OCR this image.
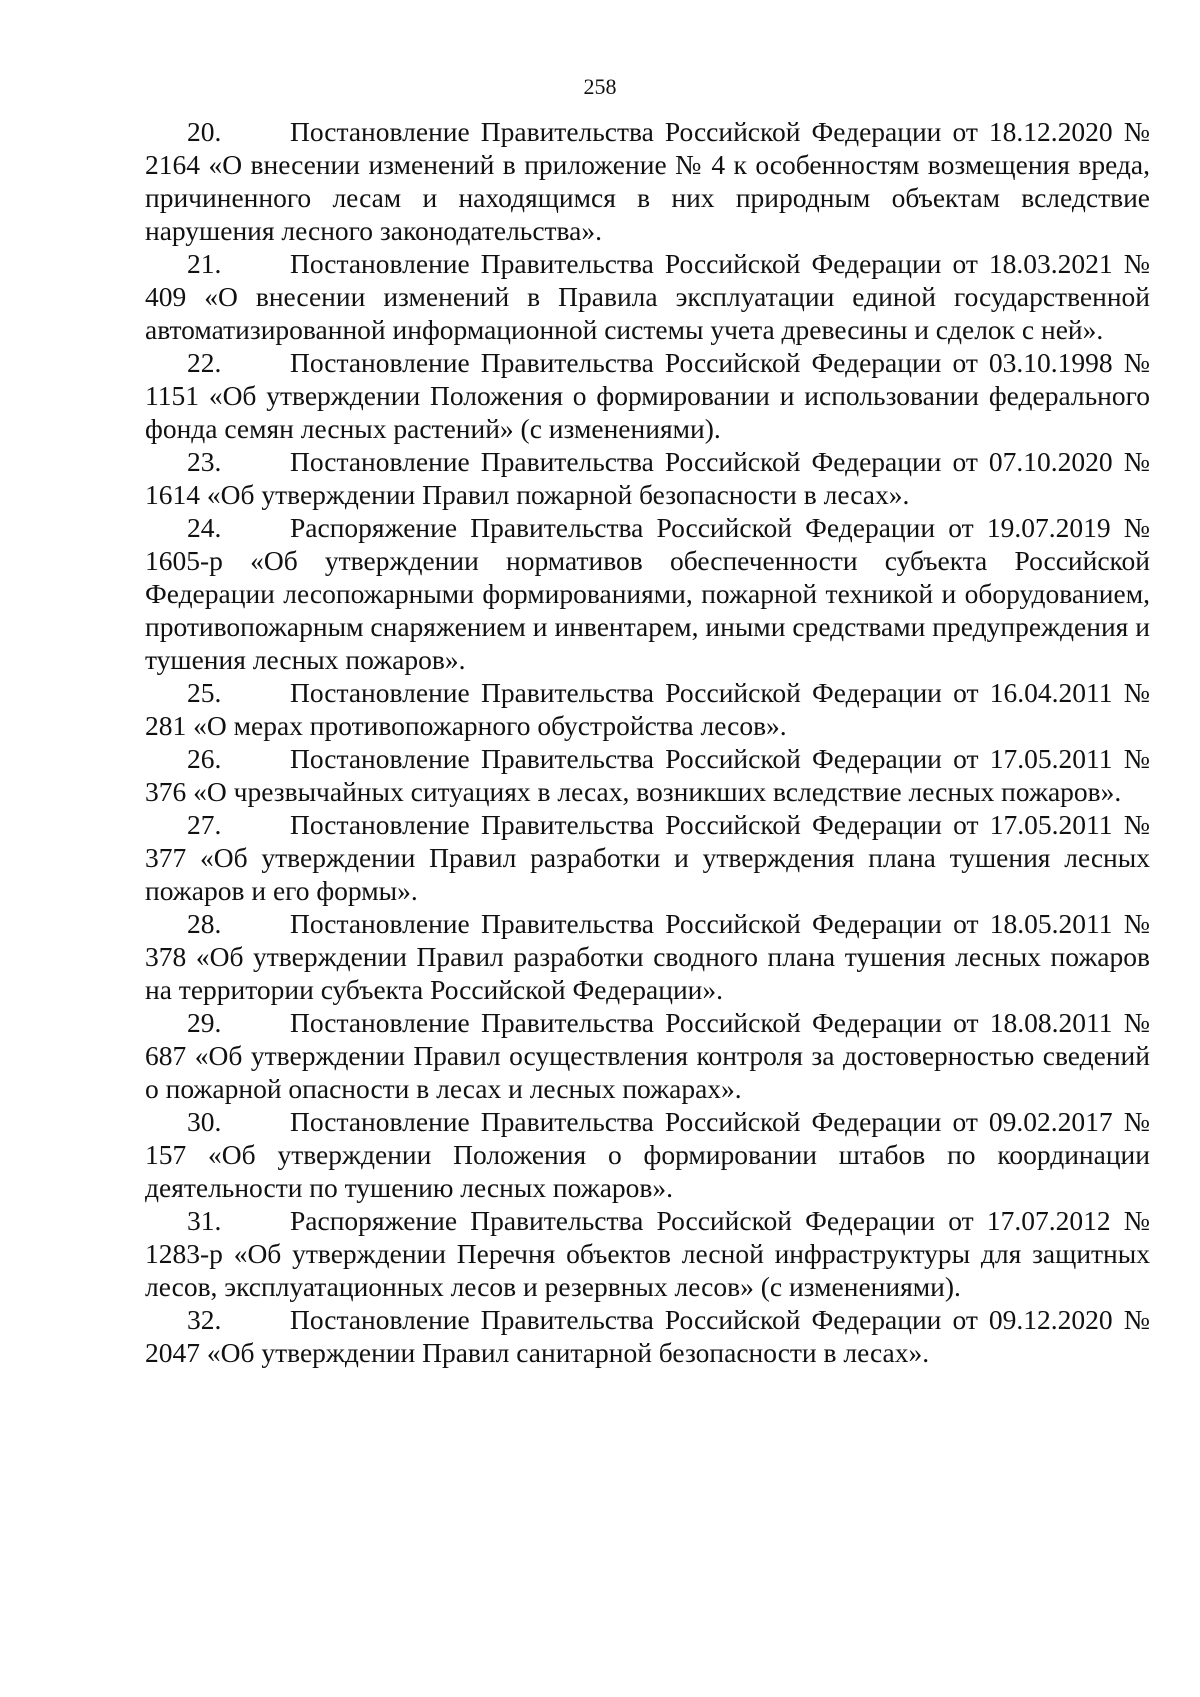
258

20. Постановление Правительства Российской Федерации от 18.12.2020 № 2164 «О внесении изменений в приложение № 4 к особенностям возмещения вреда, причиненного лесам и находящимся в них природным объектам вследствие нарушения лесного законодательства».

21. Постановление Правительства Российской Федерации от 18.03.2021 № 409 «О внесении изменений в Правила эксплуатации единой государственной автоматизированной информационной системы учета древесины и сделок с ней».

22. Постановление Правительства Российской Федерации от 03.10.1998 № 1151 «Об утверждении Положения о формировании и использовании федерального фонда семян лесных растений» (с изменениями).

23. Постановление Правительства Российской Федерации от 07.10.2020 № 1614 «Об утверждении Правил пожарной безопасности в лесах».

24. Распоряжение Правительства Российской Федерации от 19.07.2019 № 1605-р «Об утверждении нормативов обеспеченности субъекта Российской Федерации лесопожарными формированиями, пожарной техникой и оборудованием, противопожарным снаряжением и инвентарем, иными средствами предупреждения и тушения лесных пожаров».

25. Постановление Правительства Российской Федерации от 16.04.2011 № 281 «О мерах противопожарного обустройства лесов».

26. Постановление Правительства Российской Федерации от 17.05.2011 № 376 «О чрезвычайных ситуациях в лесах, возникших вследствие лесных пожаров».

27. Постановление Правительства Российской Федерации от 17.05.2011 № 377 «Об утверждении Правил разработки и утверждения плана тушения лесных пожаров и его формы».

28. Постановление Правительства Российской Федерации от 18.05.2011 № 378 «Об утверждении Правил разработки сводного плана тушения лесных пожаров на территории субъекта Российской Федерации».

29. Постановление Правительства Российской Федерации от 18.08.2011 № 687 «Об утверждении Правил осуществления контроля за достоверностью сведений о пожарной опасности в лесах и лесных пожарах».

30. Постановление Правительства Российской Федерации от 09.02.2017 № 157 «Об утверждении Положения о формировании штабов по координации деятельности по тушению лесных пожаров».

31. Распоряжение Правительства Российской Федерации от 17.07.2012 № 1283-р «Об утверждении Перечня объектов лесной инфраструктуры для защитных лесов, эксплуатационных лесов и резервных лесов» (с изменениями).

32. Постановление Правительства Российской Федерации от 09.12.2020 № 2047 «Об утверждении Правил санитарной безопасности в лесах».
